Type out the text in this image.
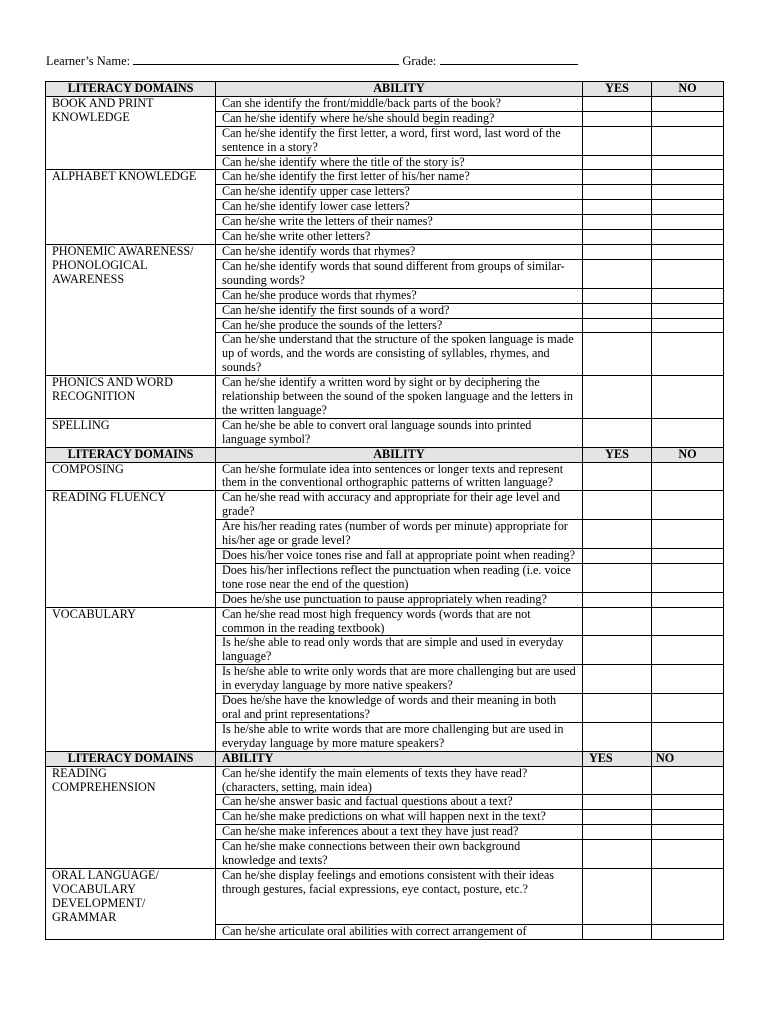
Learner’s Name:	Grade:
LITERACY DOMAINS	ABILITY	YES	NO
BOOK AND PRINT KNOWLEDGE	Can she identify the front/middle/back parts of the book?		
	Can he/she identify where he/she should begin reading?		
	Can he/she identify the first letter, a word, first word, last word of the sentence in a story?		
	Can he/she identify where the title of the story is?		
ALPHABET KNOWLEDGE	Can he/she identify the first letter of his/her name?		
	Can he/she identify upper case letters?		
	Can he/she identify lower case letters?		
	Can he/she write the letters of their names?		
	Can he/she write other letters?		
PHONEMIC AWARENESS/ PHONOLOGICAL AWARENESS	Can he/she identify words that rhymes?		
	Can he/she identify words that sound different from groups of similar-sounding words?		
	Can he/she produce words that rhymes?		
	Can he/she identify the first sounds of a word?		
	Can he/she produce the sounds of the letters?		
	Can he/she understand that the structure of the spoken language is made up of words, and the words are consisting of syllables, rhymes, and sounds?		
PHONICS AND WORD RECOGNITION	Can he/she identify a written word by sight or by deciphering the relationship between the sound of the spoken language and the letters in the written language?		
SPELLING	Can he/she be able to convert oral language sounds into printed language symbol?		
LITERACY DOMAINS	ABILITY	YES	NO
COMPOSING	Can he/she formulate idea into sentences or longer texts and represent them in the conventional orthographic patterns of written language?		
READING FLUENCY	Can he/she read with accuracy and appropriate for their age level and grade?		
	Are his/her reading rates (number of words per minute) appropriate for his/her age or grade level?		
	Does his/her voice tones rise and fall at appropriate point when reading?		
	Does his/her inflections reflect the punctuation when reading (i.e. voice tone rose near the end of the question)		
	Does he/she use punctuation to pause appropriately when reading?		
VOCABULARY	Can he/she read most high frequency words (words that are not common in the reading textbook)		
	Is he/she able to read only words that are simple and used in everyday language?		
	Is he/she able to write only words that are more challenging but are used in everyday language by more native speakers?		
	Does he/she have the knowledge of words and their meaning in both oral and print representations?		
	Is he/she able to write words that are more challenging but are used in everyday language by more mature speakers?		
LITERACY DOMAINS	ABILITY	YES	NO
READING COMPREHENSION	Can he/she identify the main elements of texts they have read? (characters, setting, main idea)		
	Can he/she answer basic and factual questions about a text?		
	Can he/she make predictions on what will happen next in the text?		
	Can he/she make inferences about a text they have just read?		
	Can he/she make connections between their own background knowledge and texts?		
ORAL LANGUAGE/ VOCABULARY DEVELOPMENT/ GRAMMAR	Can he/she display feelings and emotions consistent with their ideas through gestures, facial expressions, eye contact, posture, etc.?		
	Can he/she articulate oral abilities with correct arrangement of		
